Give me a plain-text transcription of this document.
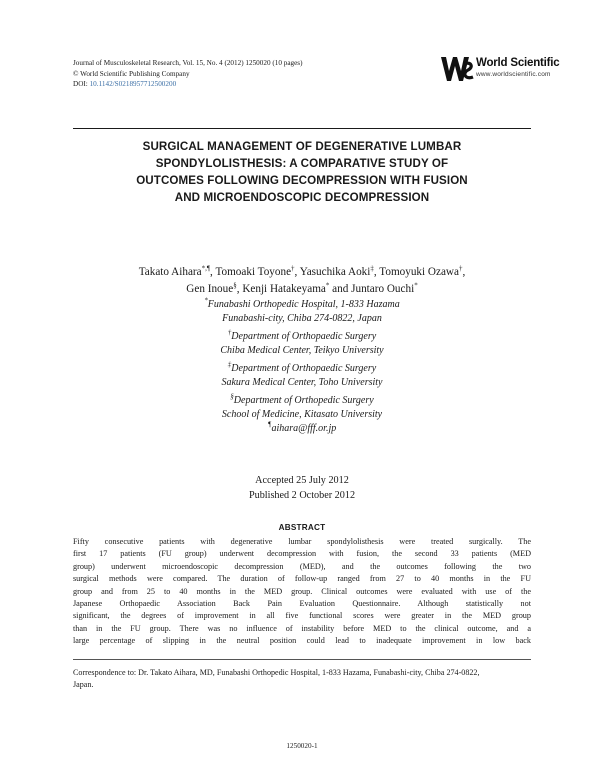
Journal of Musculoskeletal Research, Vol. 15, No. 4 (2012) 1250020 (10 pages)
© World Scientific Publishing Company
DOI: 10.1142/S0218957712500200
World Scientific
www.worldscientific.com
SURGICAL MANAGEMENT OF DEGENERATIVE LUMBAR
SPONDYLOLISTHESIS: A COMPARATIVE STUDY OF
OUTCOMES FOLLOWING DECOMPRESSION WITH FUSION
AND MICROENDOSCOPIC DECOMPRESSION
Takato Aihara*,¶, Tomoaki Toyone†, Yasuchika Aoki‡, Tomoyuki Ozawa†,
Gen Inoue§, Kenji Hatakeyama* and Juntaro Ouchi*
*Funabashi Orthopedic Hospital, 1-833 Hazama
Funabashi-city, Chiba 274-0822, Japan
†Department of Orthopaedic Surgery
Chiba Medical Center, Teikyo University
‡Department of Orthopaedic Surgery
Sakura Medical Center, Toho University
§Department of Orthopedic Surgery
School of Medicine, Kitasato University
¶aihara@fff.or.jp
Accepted 25 July 2012
Published 2 October 2012
ABSTRACT
Fifty consecutive patients with degenerative lumbar spondylolisthesis were treated surgically. The
first 17 patients (FU group) underwent decompression with fusion, the second 33 patients (MED
group) underwent microendoscopic decompression (MED), and the outcomes following the two
surgical methods were compared. The duration of follow-up ranged from 27 to 40 months in the FU
group and from 25 to 40 months in the MED group. Clinical outcomes were evaluated with use of the
Japanese Orthopaedic Association Back Pain Evaluation Questionnaire. Although statistically not
significant, the degrees of improvement in all five functional scores were greater in the MED group
than in the FU group. There was no influence of instability before MED to the clinical outcome, and a
large percentage of slipping in the neutral position could lead to inadequate improvement in low back
Correspondence to: Dr. Takato Aihara, MD, Funabashi Orthopedic Hospital, 1-833 Hazama, Funabashi-city, Chiba 274-0822,
Japan.
1250020-1
